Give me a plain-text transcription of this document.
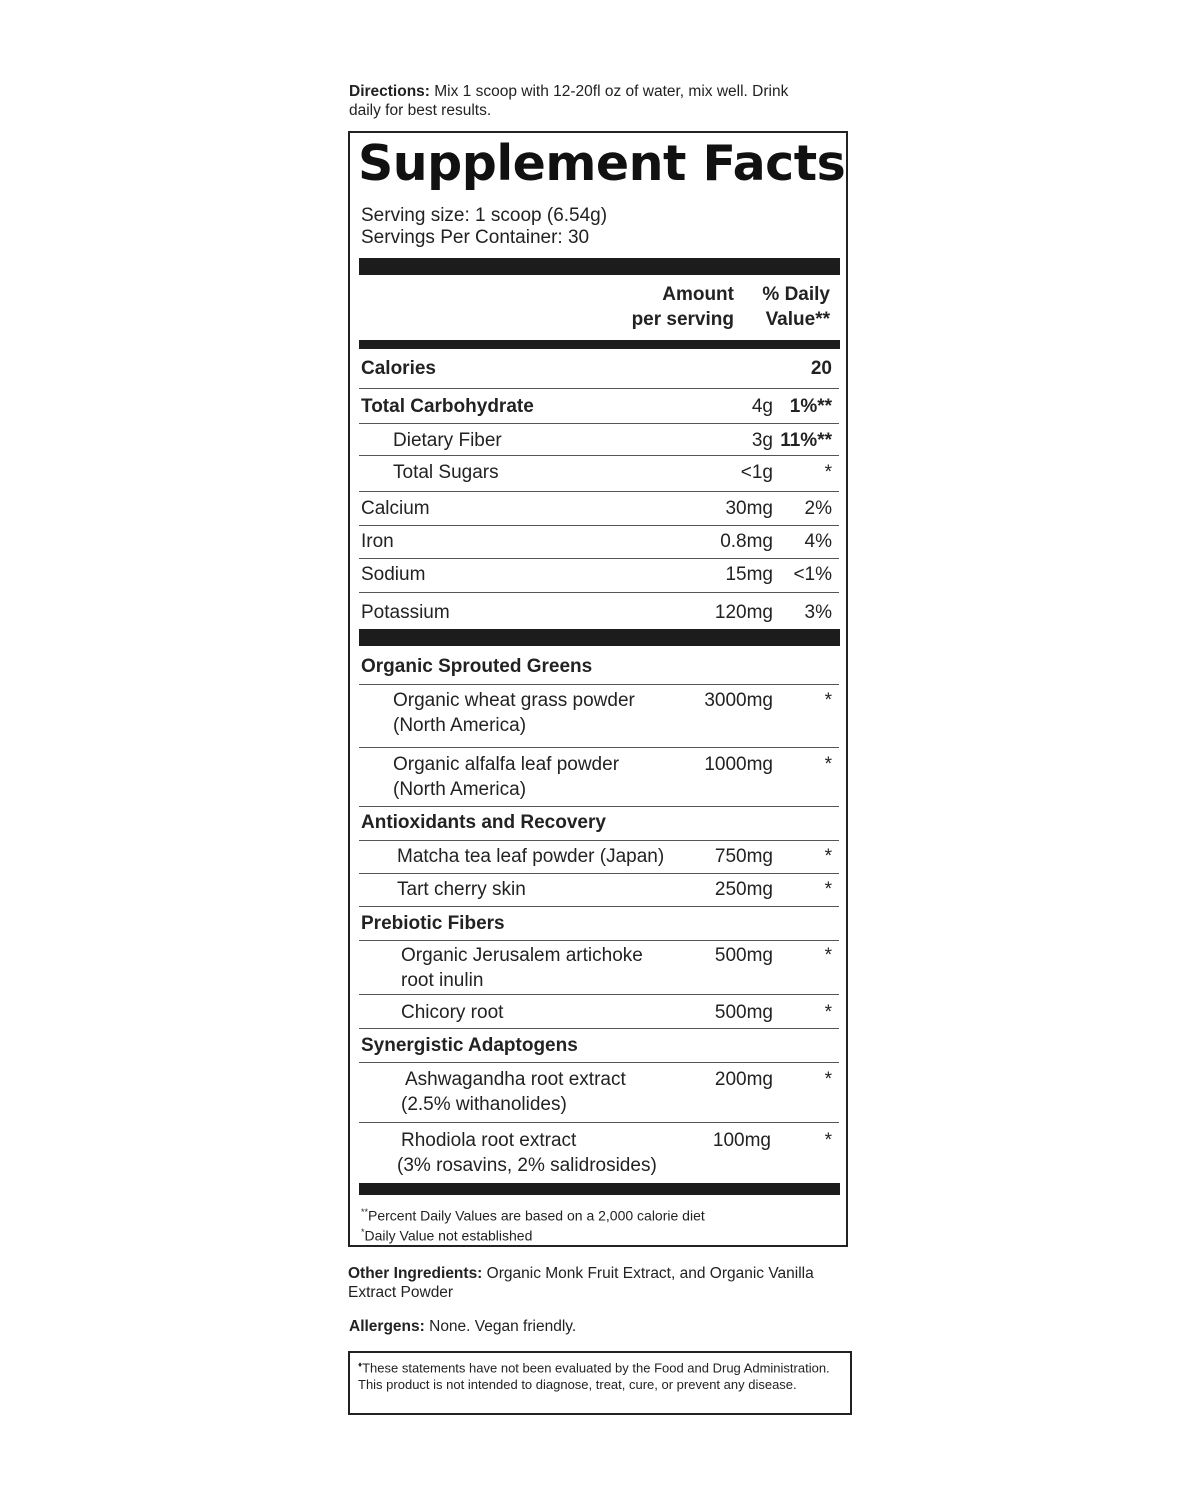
Directions: Mix 1 scoop with 12-20fl oz of water, mix well. Drink daily for best results.
Supplement Facts
Serving size: 1 scoop (6.54g)
Servings Per Container: 30
Amount
per serving
% Daily
Value**
Calories	20
Total Carbohydrate	4g 1%**
Dietary Fiber	3g 11%**
Total Sugars	<1g	*
Calcium	30mg 2%
Iron	0.8mg 4%
Sodium	15mg <1%
Potassium	120mg 3%
Organic Sprouted Greens
Organic wheat grass powder
(North America)
3000mg	*
Organic alfalfa leaf powder
(North America)
1000mg	*
Antioxidants and Recovery
Matcha tea leaf powder (Japan)	750mg	*
Tart cherry skin	250mg	*
Prebiotic Fibers
Organic Jerusalem artichoke
root inulin
500mg	*
Chicory root	500mg	*
Synergistic Adaptogens
Ashwagandha root extract
(2.5% withanolides)
200mg	*
Rhodiola root extract
(3% rosavins, 2% salidrosides)
100mg	*
**Percent Daily Values are based on a 2,000 calorie diet
*Daily Value not established
Other Ingredients: Organic Monk Fruit Extract, and Organic Vanilla Extract Powder
Allergens: None. Vegan friendly.
♦These statements have not been evaluated by the Food and Drug Administration. This product is not intended to diagnose, treat, cure, or prevent any disease.
